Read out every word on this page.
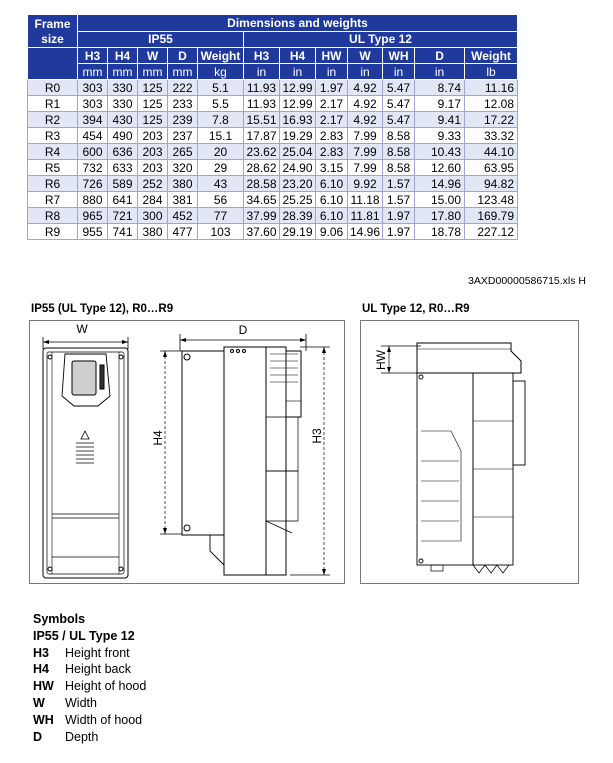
Frame
size	Dimensions and weights											
	IP55					UL Type 12						
	H3	H4	W	D	Weight	H3	H4	HW	W	WH	D	Weight
	mm	mm	mm	mm	kg	in	in	in	in	in	in	lb
R0	303	330	125	222	5.1	11.93	12.99	1.97	4.92	5.47	8.74	11.16
R1	303	330	125	233	5.5	11.93	12.99	2.17	4.92	5.47	9.17	12.08
R2	394	430	125	239	7.8	15.51	16.93	2.17	4.92	5.47	9.41	17.22
R3	454	490	203	237	15.1	17.87	19.29	2.83	7.99	8.58	9.33	33.32
R4	600	636	203	265	20	23.62	25.04	2.83	7.99	8.58	10.43	44.10
R5	732	633	203	320	29	28.62	24.90	3.15	7.99	8.58	12.60	63.95
R6	726	589	252	380	43	28.58	23.20	6.10	9.92	1.57	14.96	94.82
R7	880	641	284	381	56	34.65	25.25	6.10	11.18	1.57	15.00	123.48
R8	965	721	300	452	77	37.99	28.39	6.10	11.81	1.97	17.80	169.79
R9	955	741	380	477	103	37.60	29.19	9.06	14.96	1.97	18.78	227.12
3AXD00000586715.xls H
IP55 (UL Type 12), R0…R9	UL Type 12, R0…R9
W	D
H4	H3
HW
Symbols
IP55 / UL Type 12
H3	Height front
H4	Height back
HW Height of hood
W	Width
WH Width of hood
D	Depth
